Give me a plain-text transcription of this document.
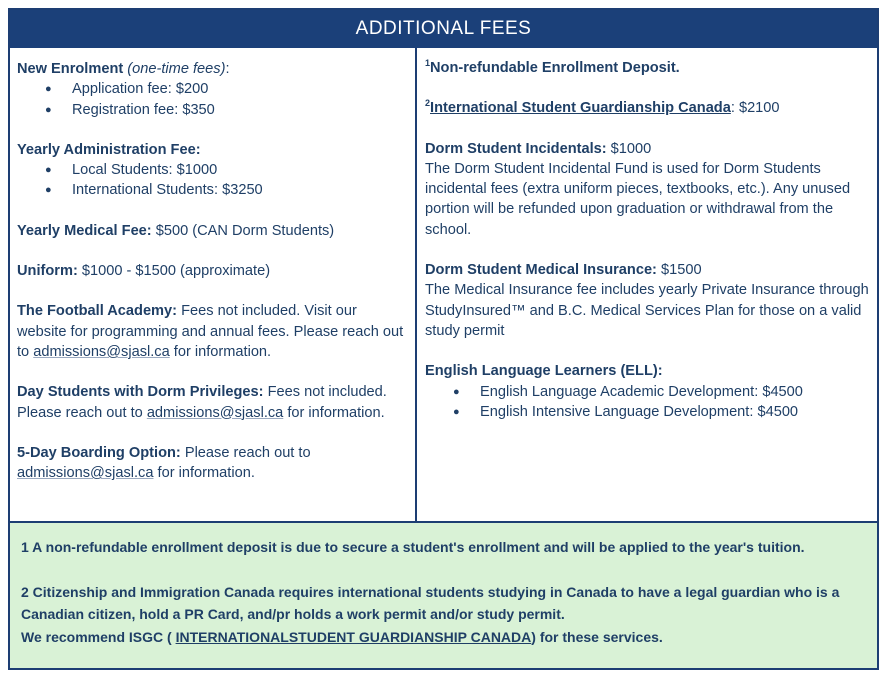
ADDITIONAL FEES
New Enrolment (one-time fees):
● Application fee: $200
● Registration fee: $350
Yearly Administration Fee:
● Local Students: $1000
● International Students: $3250
Yearly Medical Fee: $500 (CAN Dorm Students)
Uniform: $1000 - $1500 (approximate)
The Football Academy: Fees not included. Visit our website for programming and annual fees. Please reach out to admissions@sjasl.ca for information.
Day Students with Dorm Privileges: Fees not included. Please reach out to admissions@sjasl.ca for information.
5-Day Boarding Option: Please reach out to admissions@sjasl.ca for information.
$^1$Non-refundable Enrollment Deposit.
$^2$International Student Guardianship Canada: $2100
Dorm Student Incidentals: $1000
The Dorm Student Incidental Fund is used for Dorm Students incidental fees (extra uniform pieces, textbooks, etc.). Any unused portion will be refunded upon graduation or withdrawal from the school.
Dorm Student Medical Insurance: $1500
The Medical Insurance fee includes yearly Private Insurance through StudyInsured™ and B.C. Medical Services Plan for those on a valid study permit
English Language Learners (ELL):
● English Language Academic Development: $4500
● English Intensive Language Development: $4500
1 A non-refundable enrollment deposit is due to secure a student's enrollment and will be applied to the year's tuition.
2 Citizenship and Immigration Canada requires international students studying in Canada to have a legal guardian who is a Canadian citizen, hold a PR Card, and/pr holds a work permit and/or study permit.
We recommend ISGC ( INTERNATIONALSTUDENT GUARDIANSHIP CANADA) for these services.
